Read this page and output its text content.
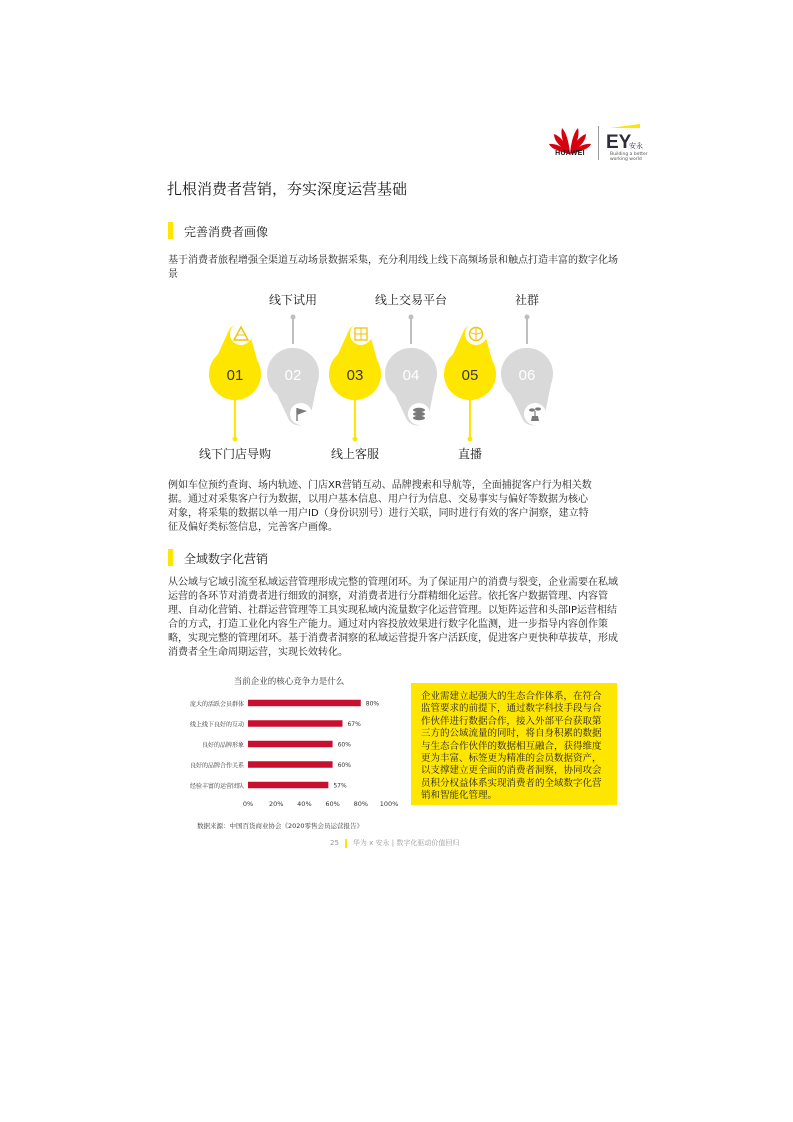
HUAWEI
EY
安永
Building a better
working world
扎根消费者营销，夯实深度运营基础
完善消费者画像
基于消费者旅程增强全渠道互动场景数据采集，充分利用线上线下高频场景和触点打造丰富的数字化场景
01
线下门店导购
02
线下试用
03
线上客服
04
线上交易平台
05
直播
06
社群
例如车位预约查询、场内轨迹、门店XR营销互动、品牌搜索和导航等，全面捕捉客户行为相关数据。通过对采集客户行为数据，以用户基本信息、用户行为信息、交易事实与偏好等数据为核心对象，将采集的数据以单一用户ID（身份识别号）进行关联，同时进行有效的客户洞察，建立特征及偏好类标签信息，完善客户画像。
全域数字化营销
从公域与它域引流至私域运营管理形成完整的管理闭环。为了保证用户的消费与裂变，企业需要在私域运营的各环节对消费者进行细致的洞察，对消费者进行分群精细化运营。依托客户数据管理、内容管理、自动化营销、社群运营管理等工具实现私域内流量数字化运营管理。以矩阵运营和头部IP运营相结合的方式，打造工业化内容生产能力。通过对内容投放效果进行数字化监测，进一步指导内容创作策略，实现完整的管理闭环。基于消费者洞察的私域运营提升客户活跃度，促进客户更快种草拔草，形成消费者全生命周期运营，实现长效转化。
当前企业的核心竞争力是什么
庞大的活跃会员群体	80%
线上线下良好的互动	67%
良好的品牌形象	60%
良好的品牌合作关系	60%
经验丰富的运营团队	57%
0% 20% 40% 60% 80% 100%
数据来源：中国百货商业协会《2020零售会员运营报告》
企业需建立起强大的生态合作体系，在符合监管要求的前提下，通过数字科技手段与合作伙伴进行数据合作，接入外部平台获取第三方的公域流量的同时，将自身积累的数据与生态合作伙伴的数据相互融合，获得维度更为丰富、标签更为精准的会员数据资产，以支撑建立更全面的消费者洞察，协同攻会员积分权益体系实现消费者的全域数字化营销和智能化管理。
25 华为 x 安永 | 数字化驱动价值回归
